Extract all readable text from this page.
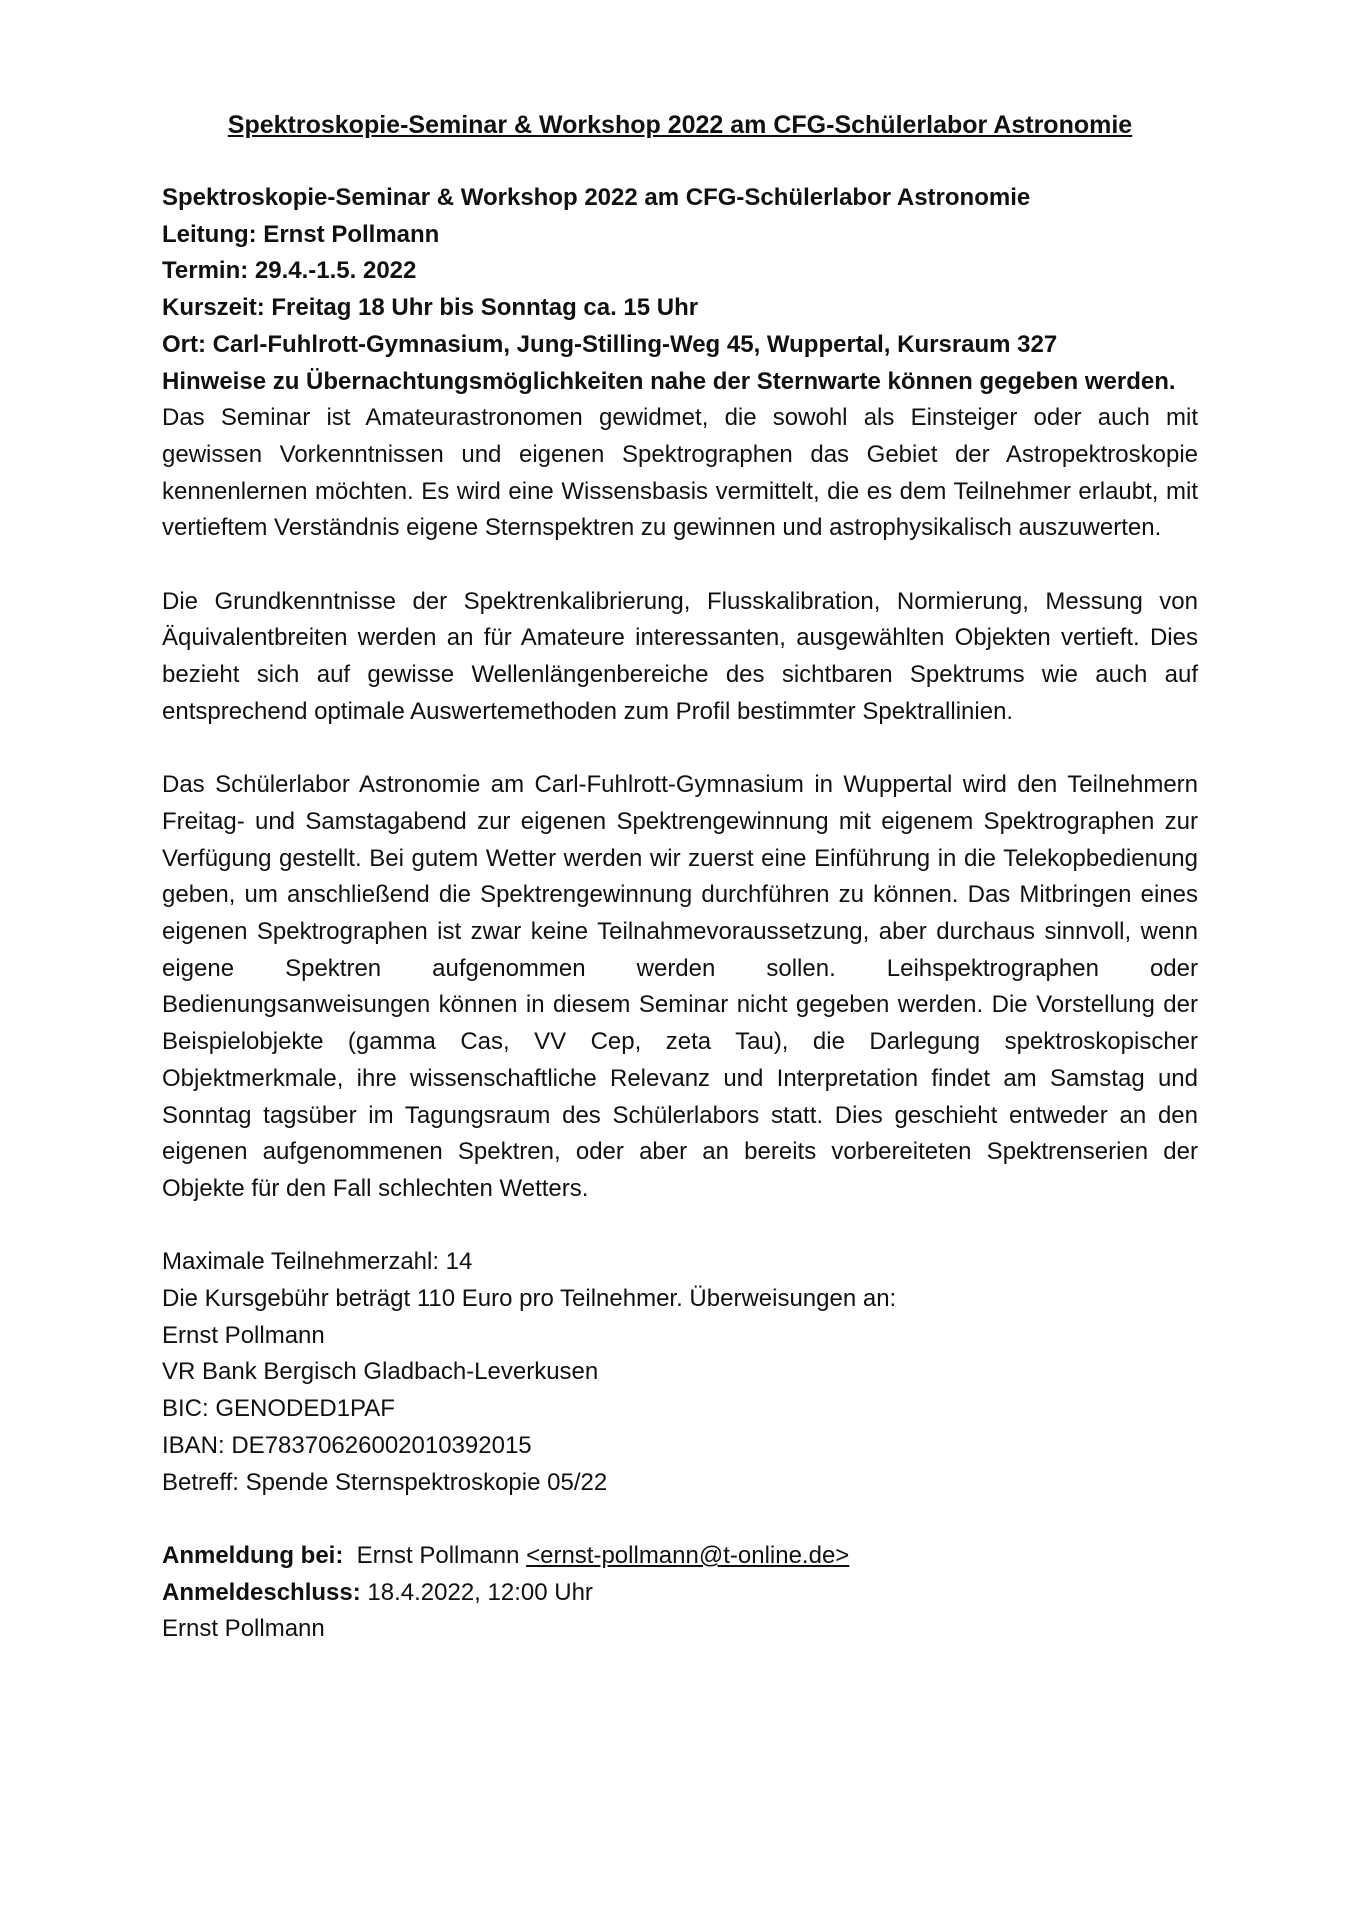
Spektroskopie-Seminar & Workshop 2022 am CFG-Schülerlabor Astronomie

Spektroskopie-Seminar & Workshop 2022 am CFG-Schülerlabor Astronomie

Leitung: Ernst Pollmann

Termin: 29.4.-1.5. 2022

Kurszeit: Freitag 18 Uhr bis Sonntag ca. 15 Uhr

Ort: Carl-Fuhlrott-Gymnasium, Jung-Stilling-Weg 45, Wuppertal, Kursraum 327

Hinweise zu Übernachtungsmöglichkeiten nahe der Sternwarte können gegeben werden.

Das Seminar ist Amateurastronomen gewidmet, die sowohl als Einsteiger oder auch mit gewissen Vorkenntnissen und eigenen Spektrographen das Gebiet der Astropektroskopie kennenlernen möchten. Es wird eine Wissensbasis vermittelt, die es dem Teilnehmer erlaubt, mit vertieftem Verständnis eigene Sternspektren zu gewinnen und astrophysikalisch auszuwerten.

Die Grundkenntnisse der Spektrenkalibrierung, Flusskalibration, Normierung, Messung von Äquivalentbreiten werden an für Amateure interessanten, ausgewählten Objekten vertieft. Dies bezieht sich auf gewisse Wellenlängenbereiche des sichtbaren Spektrums wie auch auf entsprechend optimale Auswertemethoden zum Profil bestimmter Spektrallinien.

Das Schülerlabor Astronomie am Carl-Fuhlrott-Gymnasium in Wuppertal wird den Teilnehmern Freitag- und Samstagabend zur eigenen Spektrengewinnung mit eigenem Spektrographen zur Verfügung gestellt. Bei gutem Wetter werden wir zuerst eine Einführung in die Telekopbedienung geben, um anschließend die Spektrengewinnung durchführen zu können. Das Mitbringen eines eigenen Spektrographen ist zwar keine Teilnahmevoraussetzung, aber durchaus sinnvoll, wenn eigene Spektren aufgenommen werden sollen. Leihspektrographen oder Bedienungsanweisungen können in diesem Seminar nicht gegeben werden. Die Vorstellung der Beispielobjekte (gamma Cas, VV Cep, zeta Tau), die Darlegung spektroskopischer Objektmerkmale, ihre wissenschaftliche Relevanz und Interpretation findet am Samstag und Sonntag tagsüber im Tagungsraum des Schülerlabors statt. Dies geschieht entweder an den eigenen aufgenommenen Spektren, oder aber an bereits vorbereiteten Spektrenserien der Objekte für den Fall schlechten Wetters.

Maximale Teilnehmerzahl: 14

Die Kursgebühr beträgt 110 Euro pro Teilnehmer. Überweisungen an:

Ernst Pollmann

VR Bank Bergisch Gladbach-Leverkusen

BIC: GENODED1PAF

IBAN: DE78370626002010392015

Betreff: Spende Sternspektroskopie 05/22

Anmeldung bei: Ernst Pollmann <ernst-pollmann@t-online.de>

Anmeldeschluss: 18.4.2022, 12:00 Uhr

Ernst Pollmann
